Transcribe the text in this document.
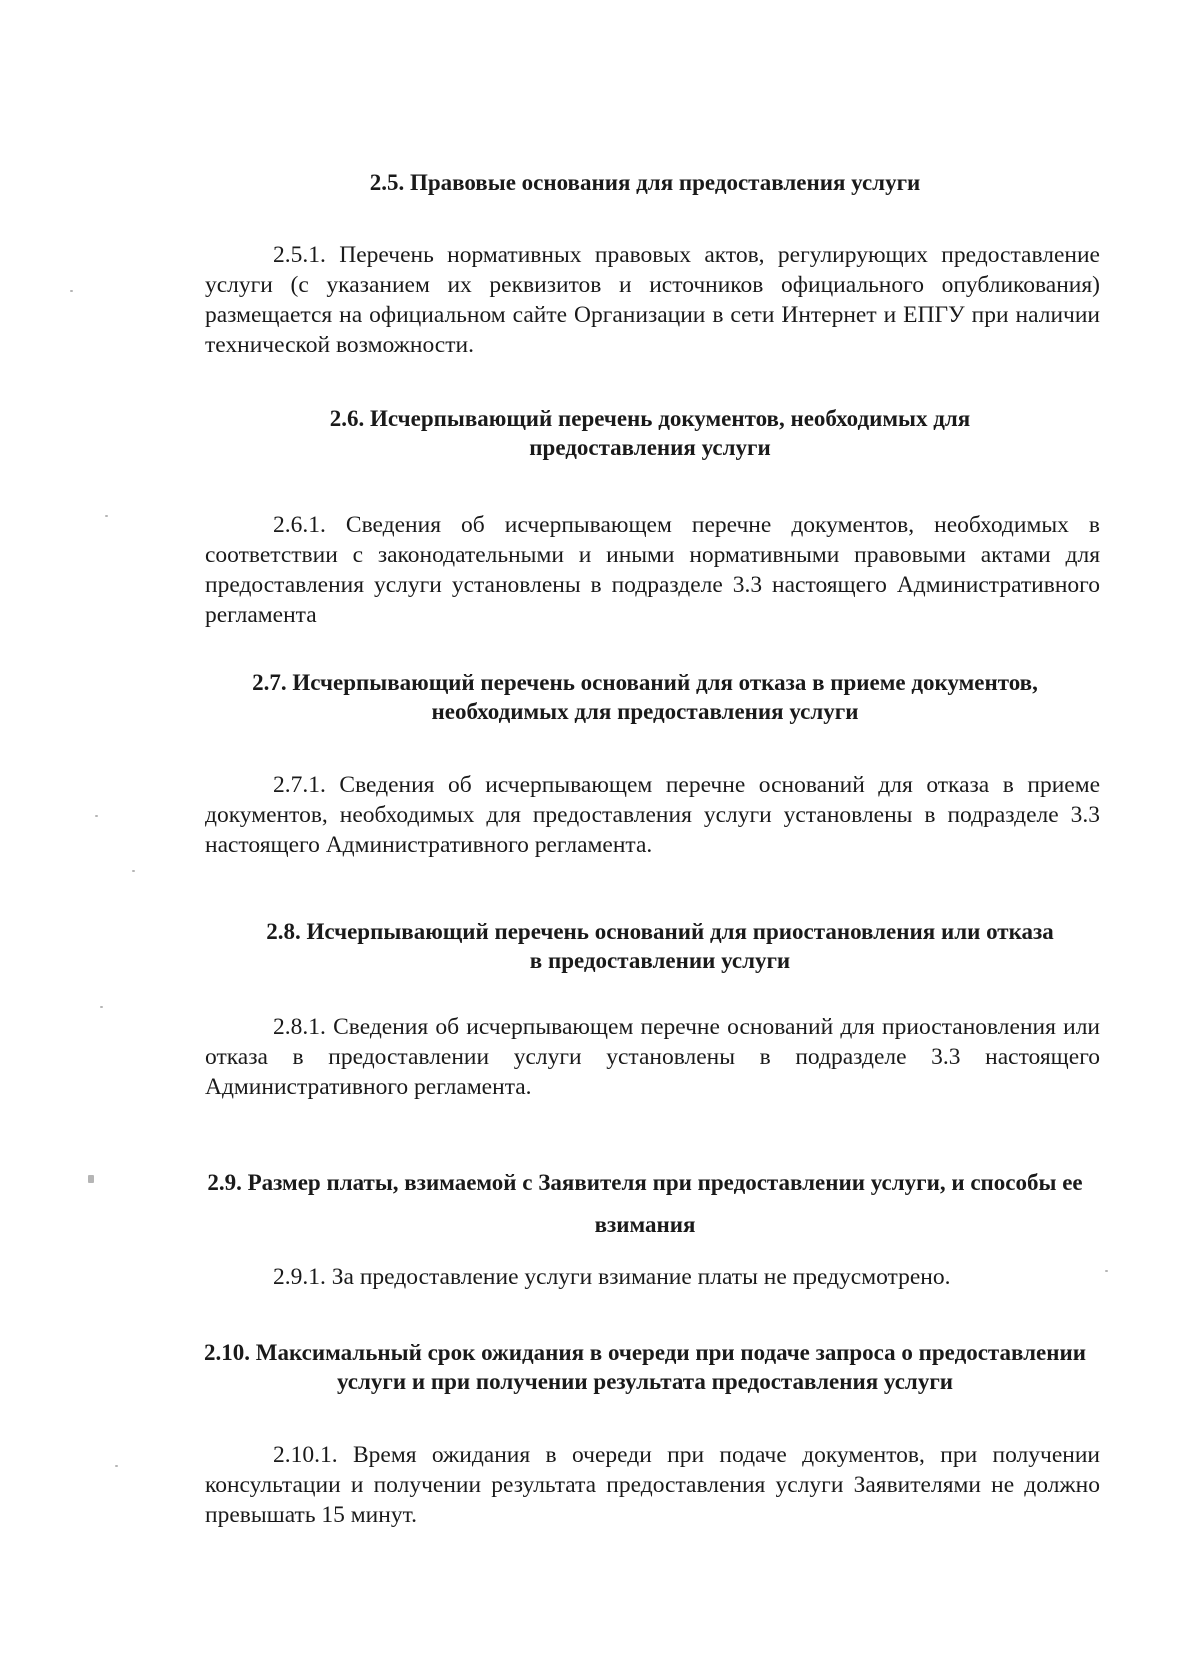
2.5. Правовые основания для предоставления услуги
2.5.1. Перечень нормативных правовых актов, регулирующих предоставление услуги (с указанием их реквизитов и источников официального опубликования) размещается на официальном сайте Организации в сети Интернет и ЕПГУ при наличии технической возможности.
2.6. Исчерпывающий перечень документов, необходимых для предоставления услуги
2.6.1. Сведения об исчерпывающем перечне документов, необходимых в соответствии с законодательными и иными нормативными правовыми актами для предоставления услуги установлены в подразделе 3.3 настоящего Административного регламента
2.7. Исчерпывающий перечень оснований для отказа в приеме документов, необходимых для предоставления услуги
2.7.1. Сведения об исчерпывающем перечне оснований для отказа в приеме документов, необходимых для предоставления услуги установлены в подразделе 3.3 настоящего Административного регламента.
2.8. Исчерпывающий перечень оснований для приостановления или отказа в предоставлении услуги
2.8.1. Сведения об исчерпывающем перечне оснований для приостановления или отказа в предоставлении услуги установлены в подразделе 3.3 настоящего Административного регламента.
2.9. Размер платы, взимаемой с Заявителя при предоставлении услуги, и способы ее взимания
2.9.1. За предоставление услуги взимание платы не предусмотрено.
2.10. Максимальный срок ожидания в очереди при подаче запроса о предоставлении услуги и при получении результата предоставления услуги
2.10.1. Время ожидания в очереди при подаче документов, при получении консультации и получении результата предоставления услуги Заявителями не должно превышать 15 минут.
